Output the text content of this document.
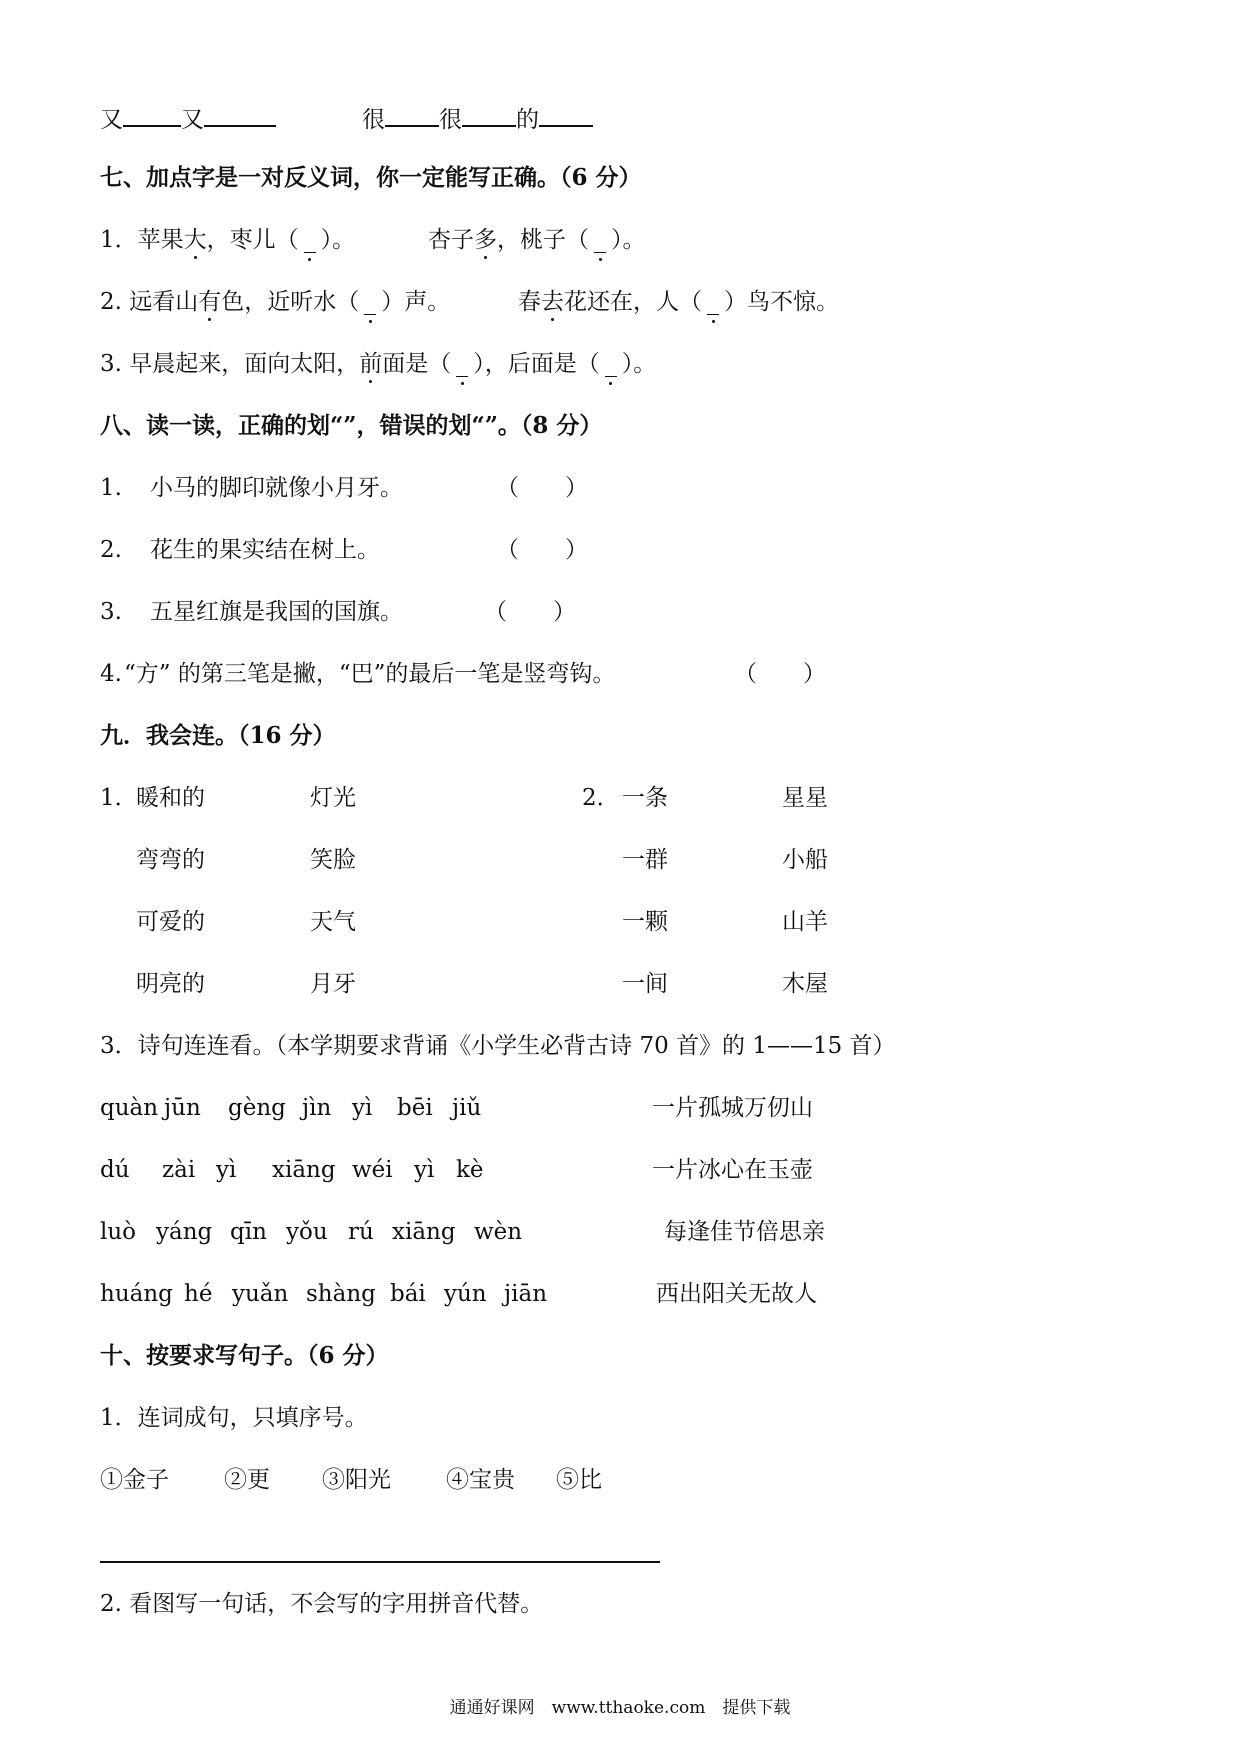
又	又	很 很 的
七、加点字是一对反义词，你一定能写正确。（6 分）
1．苹果大，枣儿（ ）。	杏子多，桃子（ ）。
2. 远看山有色，近听水（ ）声。	春去花还在，人（ ）鸟不惊。
3. 早晨起来，面向太阳，前面是（ ），后面是（ ）。
八、读一读，正确的划“”，错误的划“”。（8 分）
1. 小马的脚印就像小月牙。	（　　）
2. 花生的果实结在树上。	（　　）
3. 五星红旗是我国的国旗。	（　　）
4. “方” 的第三笔是撇，“巴”的最后一笔是竖弯钩。	（　　）
九．我会连。（16 分）
1．	2．
暖和的	灯光	一条	星星
弯弯的	笑脸	一群	小船
可爱的	天气	一颗	山羊
明亮的	月牙	一间	木屋
3．诗句连连看。（本学期要求背诵《小学生必背古诗 70 首》的 1——15 首）
quàn jūn gèng jìn yì bēi jiǔ	一片孤城万仞山
dú zài yì xiāng wéi yì kè	一片冰心在玉壶
luò yáng qīn yǒu rú xiāng wèn	每逢佳节倍思亲
huáng hé yuǎn shàng bái yún jiān	西出阳关无故人
十、按要求写句子。（6 分）
1．连词成句，只填序号。
①金子 ②更 ③阳光 ④宝贵 ⑤比
2. 看图写一句话，不会写的字用拼音代替。
通通好课网　www.tthaoke.com　提供下载
